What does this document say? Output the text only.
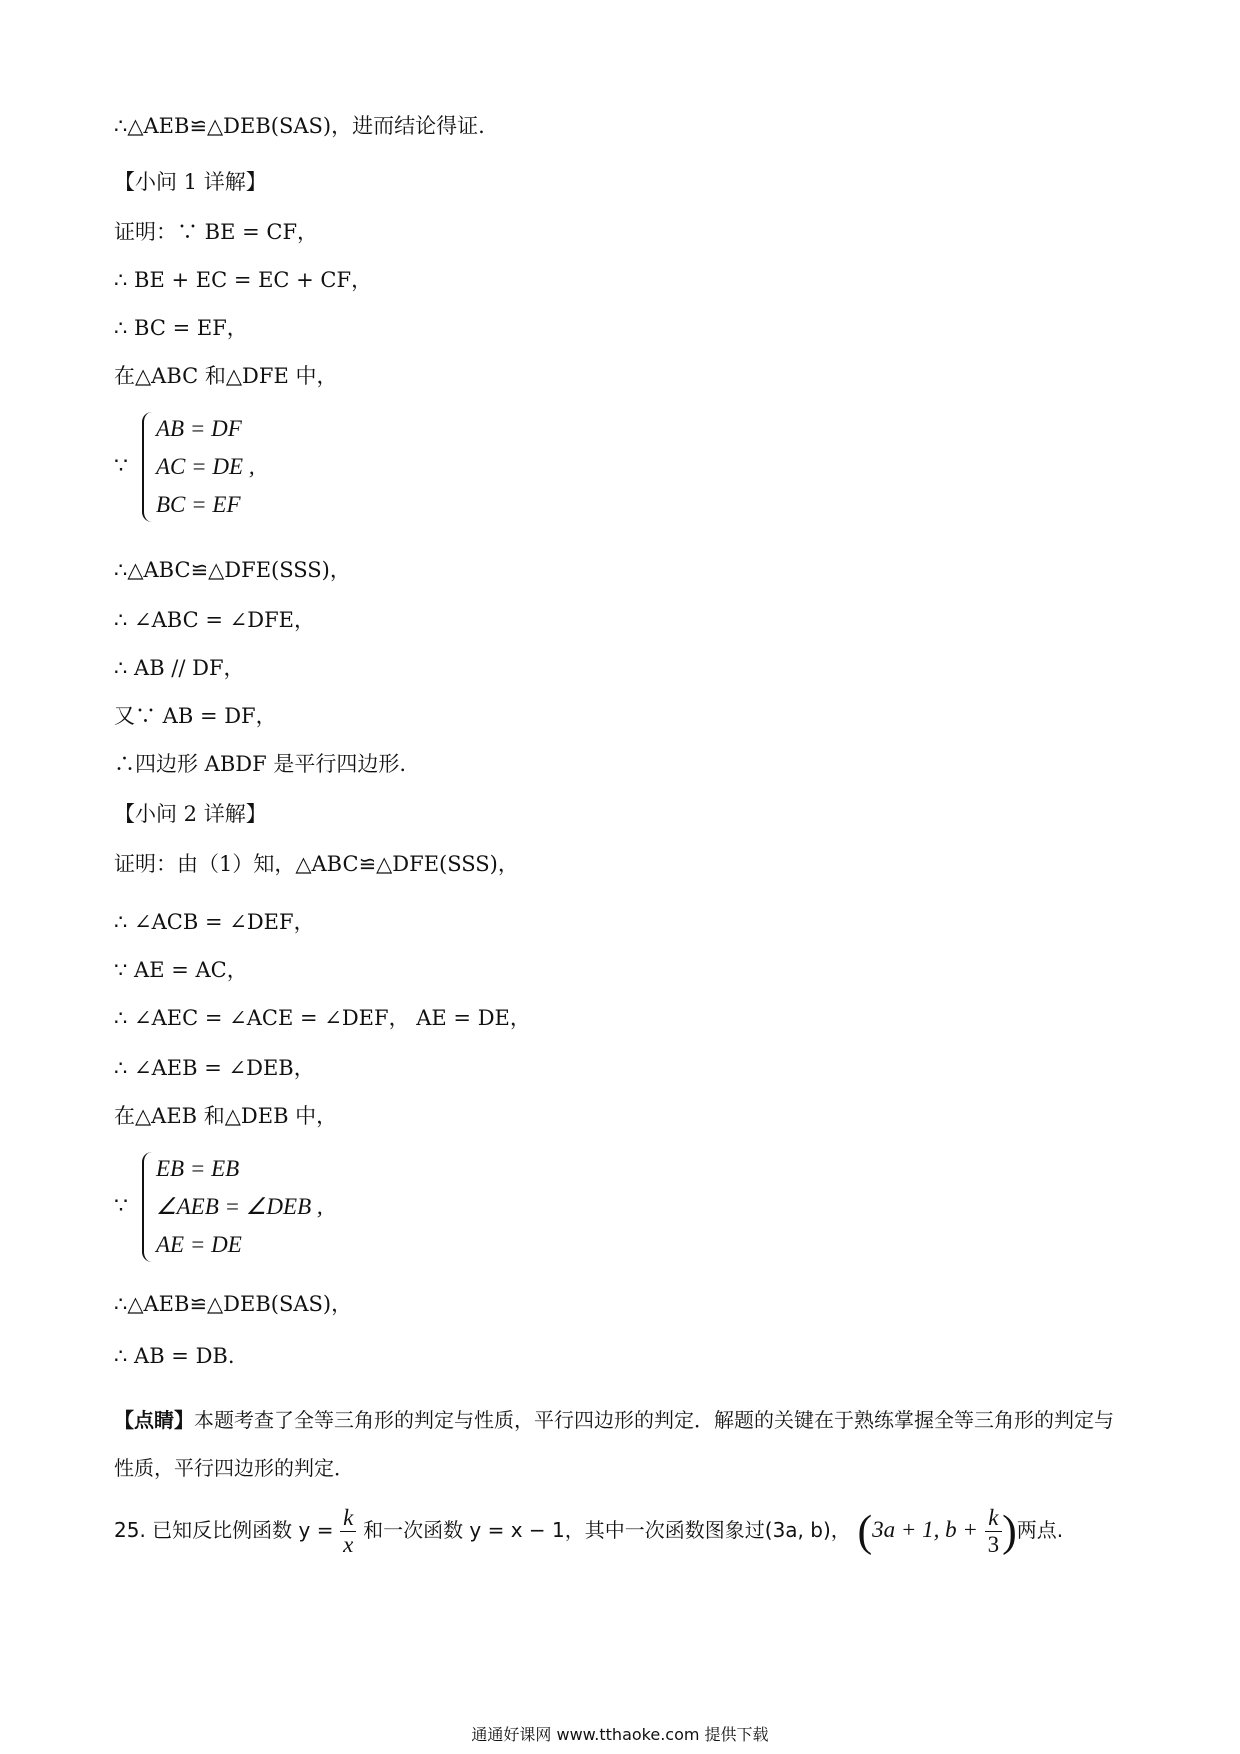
∴△AEB≌△DEB(SAS)，进而结论得证.
【小问 1 详解】
证明：∵ BE = CF，
∴ BE + EC = EC + CF，
∴ BC = EF，
在△ABC 和△DFE 中，
∴△ABC≌△DFE(SSS)，
∴ ∠ABC = ∠DFE，
∴ AB // DF，
又∵ AB = DF，
∴四边形 ABDF 是平行四边形.
【小问 2 详解】
证明：由（1）知，△ABC≌△DFE(SSS)，
∴ ∠ACB = ∠DEF，
∵ AE = AC，
∴ ∠AEC = ∠ACE = ∠DEF， AE = DE，
∴ ∠AEB = ∠DEB，
在△AEB 和△DEB 中，
∴△AEB≌△DEB(SAS)，
∴ AB = DB.
∵
AB = DF
AC = DE ,
BC = EF
∵
EB = EB
∠AEB = ∠DEB ,
AE = DE
【点睛】本题考查了全等三角形的判定与性质，平行四边形的判定．解题的关键在于熟练掌握全等三角形的判定与性质，平行四边形的判定．
25. 已知反比例函数 $y = \frac{k}{x}$ 和一次函数 y = x − 1，其中一次函数图象过(3a, b)， (3a + 1, $b + \frac{k}{3}$ )两点.
通通好课网 www.tthaoke.com 提供下载
